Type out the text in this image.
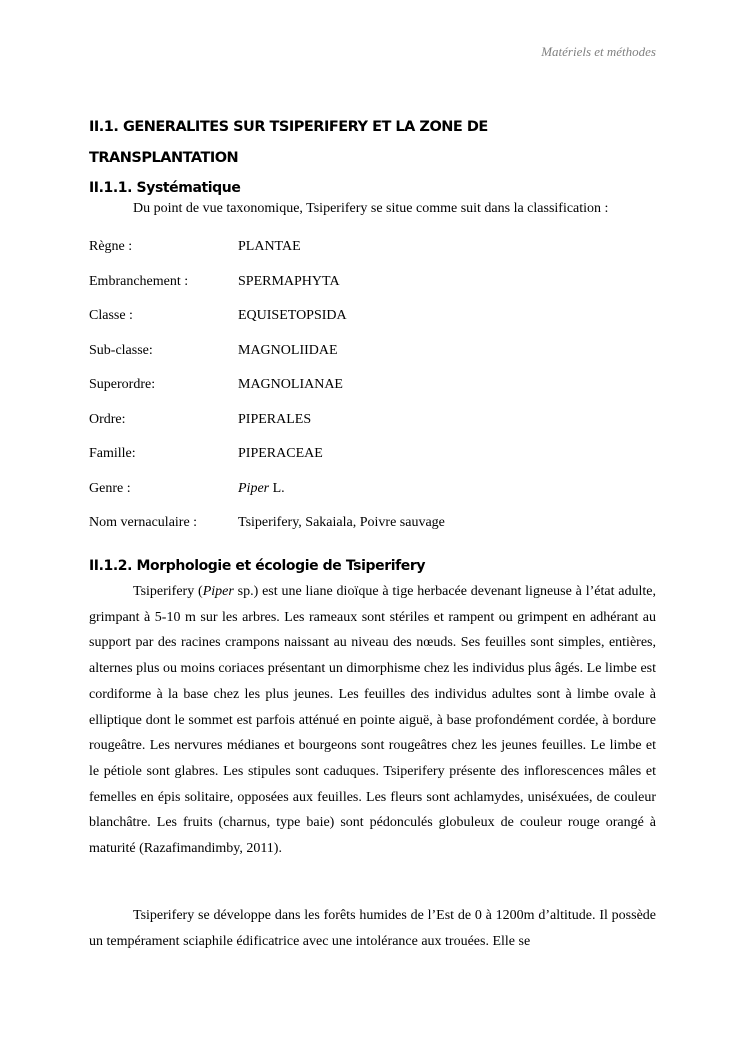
Matériels et méthodes
II.1. GENERALITES SUR TSIPERIFERY ET LA ZONE DE
TRANSPLANTATION
II.1.1. Systématique
Du point de vue taxonomique, Tsiperifery se situe comme suit dans la classification :
Règne :	PLANTAE
Embranchement :	SPERMAPHYTA
Classe :	EQUISETOPSIDA
Sub-classe:	MAGNOLIIDAE
Superordre:	MAGNOLIANAE
Ordre:	PIPERALES
Famille:	PIPERACEAE
Genre :	Piper L.
Nom vernaculaire :	Tsiperifery, Sakaiala, Poivre sauvage
II.1.2. Morphologie et écologie de Tsiperifery
Tsiperifery (Piper sp.) est une liane dioïque à tige herbacée devenant ligneuse à l’état adulte, grimpant à 5-10 m sur les arbres. Les rameaux sont stériles et rampent ou grimpent en adhérant au support par des racines crampons naissant au niveau des nœuds. Ses feuilles sont simples, entières, alternes plus ou moins coriaces présentant un dimorphisme chez les individus plus âgés. Le limbe est cordiforme à la base chez les plus jeunes. Les feuilles des individus adultes sont à limbe ovale à elliptique dont le sommet est parfois atténué en pointe aiguë, à base profondément cordée, à bordure rougeâtre. Les nervures médianes et bourgeons sont rougeâtres chez les jeunes feuilles. Le limbe et le pétiole sont glabres. Les stipules sont caduques. Tsiperifery présente des inflorescences mâles et femelles en épis solitaire, opposées aux feuilles. Les fleurs sont achlamydes, uniséxuées, de couleur blanchâtre. Les fruits (charnus, type baie) sont pédonculés globuleux de couleur rouge orangé à maturité (Razafimandimby, 2011).
Tsiperifery se développe dans les forêts humides de l’Est de 0 à 1200m d’altitude. Il possède un tempérament sciaphile édificatrice avec une intolérance aux trouées. Elle se
